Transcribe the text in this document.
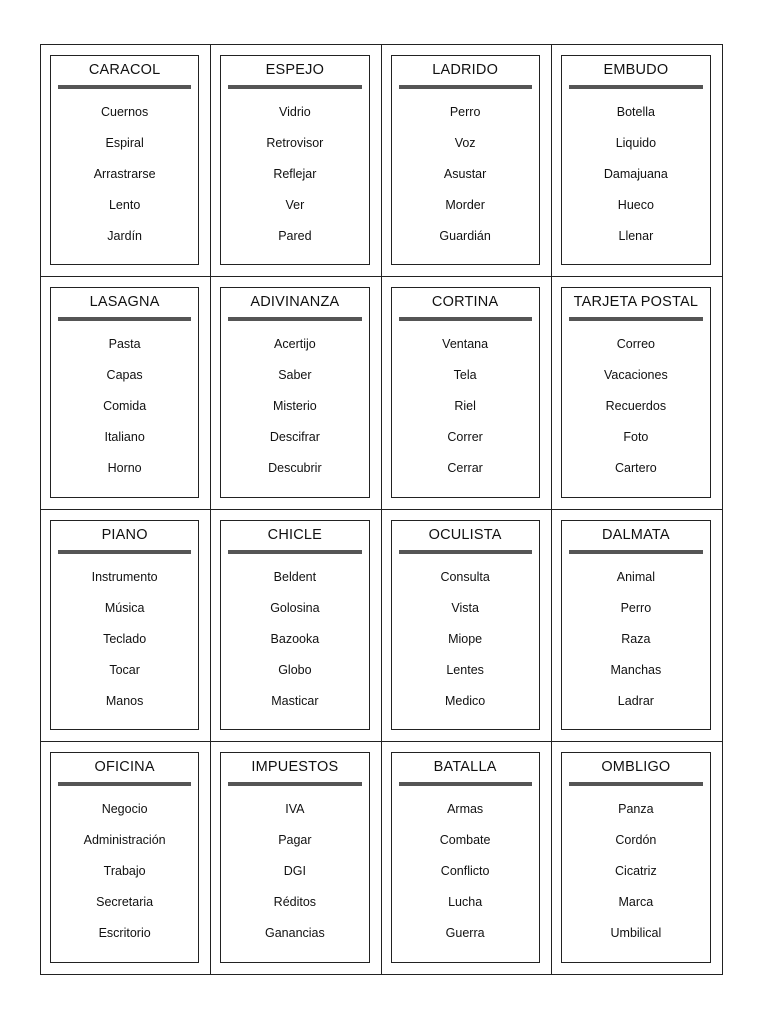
CARACOL
Cuernos
Espiral
Arrastrarse
Lento
Jardín
ESPEJO
Vidrio
Retrovisor
Reflejar
Ver
Pared
LADRIDO
Perro
Voz
Asustar
Morder
Guardián
EMBUDO
Botella
Liquido
Damajuana
Hueco
Llenar
LASAGNA
Pasta
Capas
Comida
Italiano
Horno
ADIVINANZA
Acertijo
Saber
Misterio
Descifrar
Descubrir
CORTINA
Ventana
Tela
Riel
Correr
Cerrar
TARJETA POSTAL
Correo
Vacaciones
Recuerdos
Foto
Cartero
PIANO
Instrumento
Música
Teclado
Tocar
Manos
CHICLE
Beldent
Golosina
Bazooka
Globo
Masticar
OCULISTA
Consulta
Vista
Miope
Lentes
Medico
DALMATA
Animal
Perro
Raza
Manchas
Ladrar
OFICINA
Negocio
Administración
Trabajo
Secretaria
Escritorio
IMPUESTOS
IVA
Pagar
DGI
Réditos
Ganancias
BATALLA
Armas
Combate
Conflicto
Lucha
Guerra
OMBLIGO
Panza
Cordón
Cicatriz
Marca
Umbilical
